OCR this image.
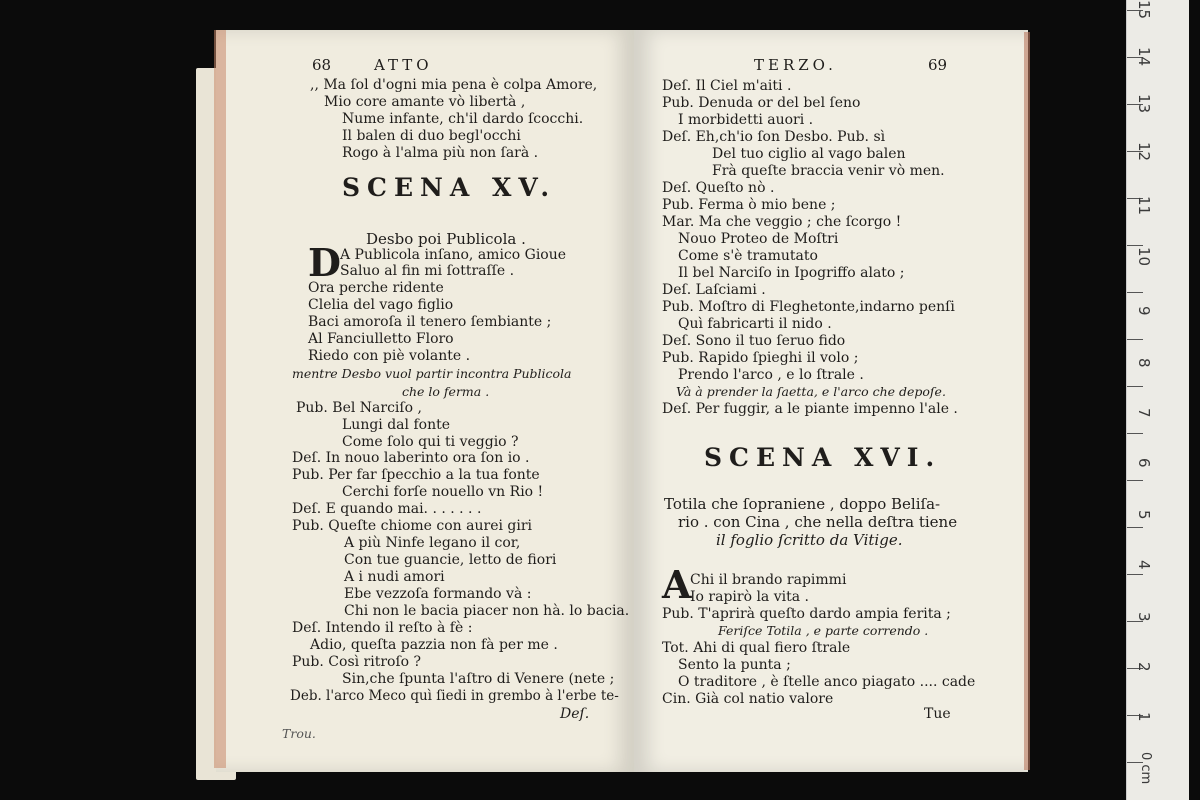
68	ATTO
,, Ma ſol d'ogni mia pena è colpa Amore,
Mio core amante vò libertà ,
Nume infante, ch'il dardo ſcocchi.
Il balen di duo begl'occhi
Rogo à l'alma più non ſarà .
SCENA XV.
Desbo poi Publicola .
D A Publicola inſano, amico Gioue
Saluo al fin mi ſottraſſe .
Ora perche ridente
Clelia del vago figlio
Baci amoroſa il tenero ſembiante ;
Al Fanciulletto Floro
Riedo con piè volante .
mentre Desbo vuol partir incontra Publicola
che lo ferma .
Pub. Bel Narciſo ,
Lungi dal fonte
Come ſolo qui ti veggio ?
Deſ. In nouo laberinto ora ſon io .
Pub. Per far ſpecchio a la tua fonte
Cerchi forſe nouello vn Rio !
Deſ. E quando mai. . . . . . .
Pub. Queſte chiome con aurei giri
A più Ninfe legano il cor,
Con tue guancie, letto de fiori
A i nudi amori
Ebe vezzoſa formando và :
Chi non le bacia piacer non hà. lo bacia.
Deſ. Intendo il reſto à fè :
Adio, queſta pazzia non fà per me .
Pub. Così ritroſo ?
Sin,che ſpunta l'aſtro di Venere (nete ;
Deb. l'arco Meco quì ſiedi in grembo à l'erbe te-
Deſ.
Trou.
TERZO.	69
Deſ. Il Ciel m'aiti .
Pub. Denuda or del bel ſeno
I morbidetti auori .
Deſ. Eh,ch'io ſon Desbo. Pub. sì
Del tuo ciglio al vago balen
Frà queſte braccia venir vò men.
Deſ. Queſto nò .
Pub. Ferma ò mio bene ;
Mar. Ma che veggio ; che ſcorgo !
Nouo Proteo de Moſtri
Come s'è tramutato
Il bel Narciſo in Ipogriffo alato ;
Deſ. Laſciami .
Pub. Moſtro di Fleghetonte,indarno penſi
Quì fabricarti il nido .
Deſ. Sono il tuo ſeruo fido
Pub. Rapido ſpieghi il volo ;
Prendo l'arco , e lo ſtrale .
Và à prender la ſaetta, e l'arco che depoſe.
Deſ. Per fuggir, a le piante impenno l'ale .
SCENA XVI.
Totila che ſopraniene , doppo Beliſa-
rio . con Cina , che nella deſtra tiene
il foglio ſcritto da Vitige.
A
Chi il brando rapimmi
Io rapirò la vita .
Pub. T'aprirà queſto dardo ampia ferita ;
Feriſce Totila , e parte correndo .
Tot. Ahi di qual fiero ſtrale
Sento la punta ;
O traditore , è ſtelle anco piagato .... cade
Cin. Già col natio valore
Tue
15
14
13
12
11
10
9
8
7
6
5
4
3
2
1
0 cm
